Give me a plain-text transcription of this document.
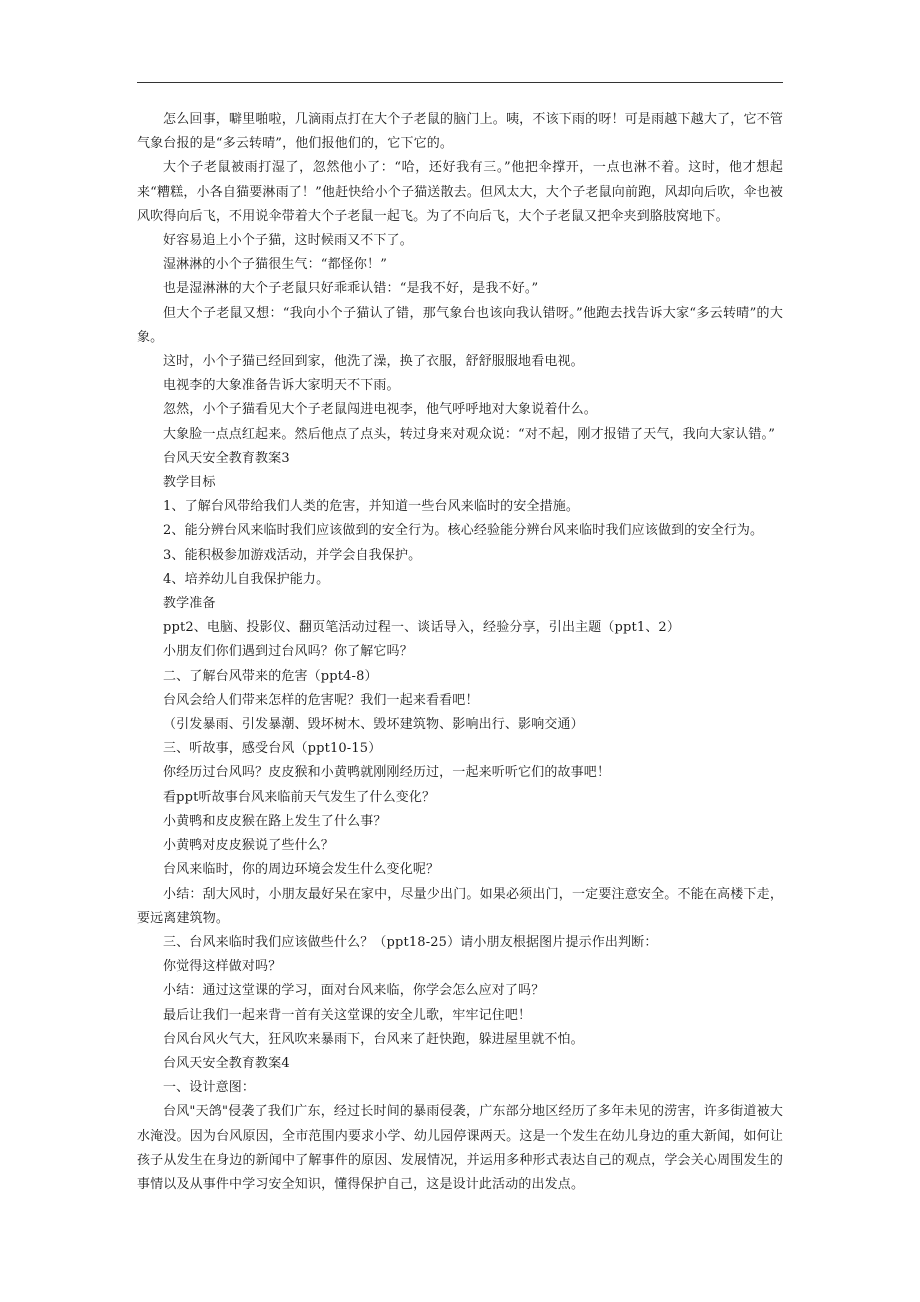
怎么回事，噼里啪啦，几滴雨点打在大个子老鼠的脑门上。咦，不该下雨的呀！可是雨越下越大了，它不管气象台报的是“多云转晴”，他们报他们的，它下它的。

大个子老鼠被雨打湿了，忽然他小了：“哈，还好我有三。”他把伞撑开，一点也淋不着。这时，他才想起来“糟糕，小各自猫要淋雨了！”他赶快给小个子猫送散去。但风太大，大个子老鼠向前跑，风却向后吹，伞也被风吹得向后飞，不用说伞带着大个子老鼠一起飞。为了不向后飞，大个子老鼠又把伞夹到胳肢窝地下。

好容易追上小个子猫，这时候雨又不下了。

湿淋淋的小个子猫很生气：“都怪你！”

也是湿淋淋的大个子老鼠只好乖乖认错：“是我不好，是我不好。”

但大个子老鼠又想：“我向小个子猫认了错，那气象台也该向我认错呀。”他跑去找告诉大家“多云转晴”的大象。

这时，小个子猫已经回到家，他洗了澡，换了衣服，舒舒服服地看电视。

电视李的大象准备告诉大家明天不下雨。

忽然，小个子猫看见大个子老鼠闯进电视李，他气呼呼地对大象说着什么。

大象脸一点点红起来。然后他点了点头，转过身来对观众说：“对不起，刚才报错了天气，我向大家认错。”

台风天安全教育教案3

教学目标

1、了解台风带给我们人类的危害，并知道一些台风来临时的安全措施。

2、能分辨台风来临时我们应该做到的安全行为。核心经验能分辨台风来临时我们应该做到的安全行为。

3、能积极参加游戏活动，并学会自我保护。

4、培养幼儿自我保护能力。

教学准备

ppt2、电脑、投影仪、翻页笔活动过程一、谈话导入，经验分享，引出主题（ppt1、2）

小朋友们你们遇到过台风吗？你了解它吗？

二、了解台风带来的危害（ppt4-8）

台风会给人们带来怎样的危害呢？我们一起来看看吧！

（引发暴雨、引发暴潮、毁坏树木、毁坏建筑物、影响出行、影响交通）

三、听故事，感受台风（ppt10-15）

你经历过台风吗？皮皮猴和小黄鸭就刚刚经历过，一起来听听它们的故事吧！

看ppt听故事台风来临前天气发生了什么变化？

小黄鸭和皮皮猴在路上发生了什么事？

小黄鸭对皮皮猴说了些什么？

台风来临时，你的周边环境会发生什么变化呢？

小结：刮大风时，小朋友最好呆在家中，尽量少出门。如果必须出门，一定要注意安全。不能在高楼下走，要远离建筑物。

三、台风来临时我们应该做些什么？（ppt18-25）请小朋友根据图片提示作出判断：

你觉得这样做对吗？

小结：通过这堂课的学习，面对台风来临，你学会怎么应对了吗？

最后让我们一起来背一首有关这堂课的安全儿歌，牢牢记住吧！

台风台风火气大，狂风吹来暴雨下，台风来了赶快跑，躲进屋里就不怕。

台风天安全教育教案4

一、设计意图：

台风"天鸽"侵袭了我们广东，经过长时间的暴雨侵袭，广东部分地区经历了多年未见的涝害，许多街道被大水淹没。因为台风原因，全市范围内要求小学、幼儿园停课两天。这是一个发生在幼儿身边的重大新闻，如何让孩子从发生在身边的新闻中了解事件的原因、发展情况，并运用多种形式表达自己的观点，学会关心周围发生的事情以及从事件中学习安全知识，懂得保护自己，这是设计此活动的出发点。
